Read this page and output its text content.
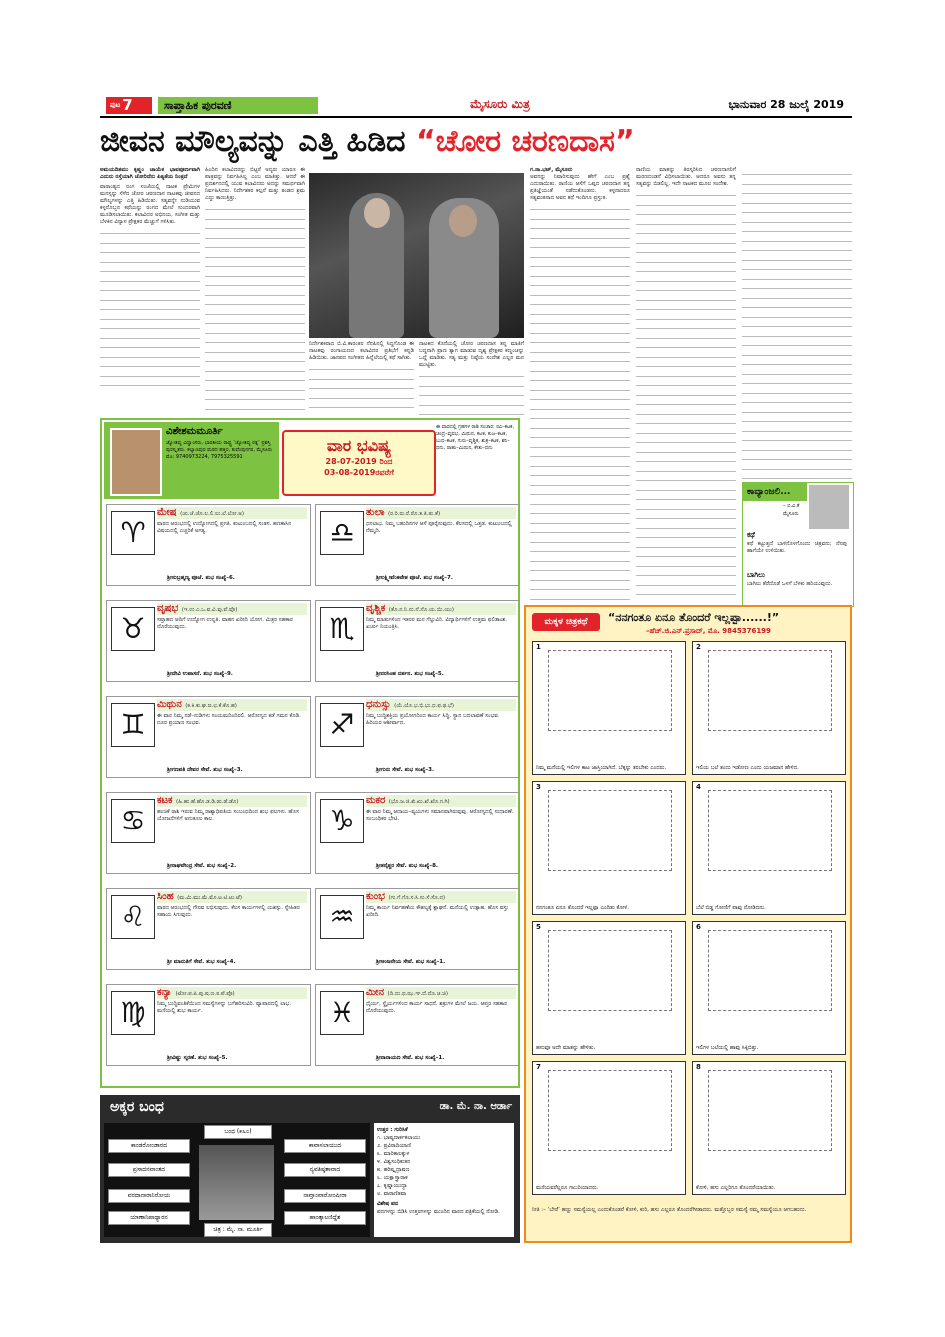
$^{ಪುಟ}$ 7	ಸಾಪ್ತಾಹಿಕ ಪುರವಣಿ	ಮೈಸೂರು ಮಿತ್ರ	ಭಾನುವಾರ 28 ಜುಲೈ 2019
ಜೀವನ ಮೌಲ್ಯವನ್ನು ಎತ್ತಿ ಹಿಡಿದ “ಚೋರ ಚರಣದಾಸ”
ಅಮಯದಿತಮು ಕೃಷ್ಣಂ ಚಾಯೆಕ ಭಾವಪೂರ್ಣವಾಗಿ ಎದುರು ರಸ್ತೆಯಾಗಿ ಚೋರಿದೆನು ಪಿತ್ಯತೆಯ ನಿಂತ್ರದೆ
ವಾರಾಂತ್ಯದ ರಂಗ ಸಂಜೆಯಲ್ಲಿ ನಾಟಕ ಪ್ರೇಮಿಗಳ ಮನಸ್ಸನ್ನು ಸೆಳೆದ ಚೋರ ಚರಣದಾಸ ನಾಟಕವು ಜೀವನದ ಮೌಲ್ಯಗಳನ್ನು ಎತ್ತಿ ಹಿಡಿಯಿತು. ಸತ್ಯವನ್ನೇ ನುಡಿಯುವ ಕಳ್ಳನೊಬ್ಬನ ಕಥೆಯನ್ನು ರಂಗದ ಮೇಲೆ ಸುಂದರವಾಗಿ ಮೂಡಿಸಲಾಯಿತು. ಕಲಾವಿದರ ಅಭಿನಯ, ಸಂಗೀತ ಮತ್ತು ಬೆಳಕಿನ ವಿನ್ಯಾಸ ಪ್ರೇಕ್ಷಕರ ಮೆಚ್ಚುಗೆ ಗಳಿಸಿತು.
ಹಿಂದಿನ ಕಲಾವಿದರನ್ನು ಬಿಟ್ಟರೆ ಅನ್ಯರು ಯಾರೂ ಈ ಪಾತ್ರವನ್ನು ನಿರ್ವಹಿಸಿಲ್ಲ ಎಂಬ ಮಾತಿತ್ತು. ಆದರೆ ಈ ಪ್ರದರ್ಶನದಲ್ಲಿ ಯುವ ಕಲಾವಿದರು ಅದನ್ನು ಸಮರ್ಥವಾಗಿ ನಿರ್ವಹಿಸಿದರು. ನಿರ್ದೇಶಕರ ಕಲ್ಪನೆ ಮತ್ತು ತಂಡದ ಶ್ರಮ ಎದ್ದು ಕಾಣುತ್ತಿತ್ತು.
ನಿರ್ದೇಶಕರಾದ ಬಿ.ವಿ.ಕಾರಂತರ ನೆನಪಿನಲ್ಲಿ ಸಿದ್ಧಗೊಂಡ ಈ ನಾಟಕವು ರಂಗಾಯಣದ ಕಲಾವಿದರ ಪ್ರತಿಭೆಗೆ ಕನ್ನಡಿ ಹಿಡಿಯಿತು. ಜಾನಪದ ಸಂಗೀತದ ಹಿನ್ನೆಲೆಯಲ್ಲಿ ಕಥೆ ಸಾಗಿತು.
ನಾಟಕದ ಕೊನೆಯಲ್ಲಿ ಚೋರ ಚರಣದಾಸ ತನ್ನ ಮಾತಿಗೆ ಬದ್ಧನಾಗಿ ಪ್ರಾಣ ತ್ಯಾಗ ಮಾಡುವ ದೃಶ್ಯ ಪ್ರೇಕ್ಷಕರ ಕಣ್ಣಂಚನ್ನು ಒದ್ದೆ ಮಾಡಿತು. ಸತ್ಯ ಮತ್ತು ನಿಷ್ಠೆಯ ಸಂದೇಶ ಎಲ್ಲರ ಮನ ಮುಟ್ಟಿತು.
ಗ.ನಾ.ಭಟ್, ಮೈಸೂರು
ಅವನನ್ನು ನಿವಾರಿಸುವುದು ಹೇಗೆ ಎಂಬ ಪ್ರಶ್ನೆ ಎದುರಾಯಿತು. ರಾಣಿಯ ಆಸೆಗೆ ಒಪ್ಪದ ಚರಣದಾಸ ತನ್ನ ಪ್ರತಿಜ್ಞೆಯಂತೆ ನಡೆದುಕೊಂಡನು. ಕಳ್ಳನಾದರೂ ಸತ್ಯವಂತನಾದ ಅವನ ಕಥೆ ಇಂದಿಗೂ ಪ್ರಸ್ತುತ.
ರಾಣಿಯ ಮಾತನ್ನು ತಿರಸ್ಕರಿಸಿದ ಚರಣದಾಸನಿಗೆ ಮರಣದಂಡನೆ ವಿಧಿಸಲಾಯಿತು. ಆದರೂ ಅವನು ತನ್ನ ಸತ್ಯವನ್ನು ಬಿಡಲಿಲ್ಲ. ಇದೇ ನಾಟಕದ ಮೂಲ ಸಂದೇಶ.
ಕಾವ್ಯಾಂಜಲಿ...
– ಬಿ.ವಿ.ಕೆ
ಮೈಸೂರು
ಕಥೆ
ಕಥೆ ಕಟ್ಟುತ್ತದೆ ಬಾಳಿನೊಳಗೊಂದು ಚಿತ್ರವನು; ನೆನಪು ಹಾಗೆಯೇ ಉಳಿಯಿತು.
ಬಾಗಿಲು
ಬಾಗಿಲು ತೆರೆದೊಡೆ ಒಳಗೆ ಬೆಳಕು ಹರಿಯುವುದು.
ವಿಶೇಶಮಮೂರ್ತಿ
ಜ್ಯೋತಿಷ್ಯ ವಿದ್ವಾಂಸರು, ಭಾರತೀಯ ರಾಷ್ಟ್ರ ‘ಜ್ಯೋತಿಷ್ಯ ರತ್ನ’ ಪ್ರಶಸ್ತಿ ಪುರಸ್ಕೃತರು. ಕಲ್ಯಾಣಪುರ ಮಠದ ಹತ್ತಿರ, ಕುವೆಂಪುನಗರ, ಮೈಸೂರು ಮೊ: 9740973224, 7975325591
ವಾರ ಭವಿಷ್ಯ
28-07-2019 ರಿಂದ
03-08-2019ರವರೆಗೆ
ಈ ವಾರದಲ್ಲಿ ಗ್ರಹಗಳ ರಾಶಿ ಸಂಚಾರ: ರವಿ–ಕಟಕ, ಚಂದ್ರ–ವೃಷಭ, ಮಿಥುನ, ಕಟಕ, ಕುಜ–ಕಟಕ, ಬುಧ–ಕಟಕ, ಗುರು–ವೃಶ್ಚಿಕ, ಶುಕ್ರ–ಕಟಕ, ಶನಿ–ಧನು, ರಾಹು–ಮಿಥುನ, ಕೇತು–ಧನು
♈
ಮೇಷ (ಚು.ಚೆ.ಚೊ.ಲ.ಲಿ.ಲು.ಲೆ.ಲೋ.ಅ)
ವಾರದ ಆರಂಭದಲ್ಲಿ ಉದ್ಯೋಗದಲ್ಲಿ ಪ್ರಗತಿ. ಕುಟುಂಬದಲ್ಲಿ ಸಂತಸ. ಹಣಕಾಸಿನ ವಿಷಯದಲ್ಲಿ ಎಚ್ಚರಿಕೆ ಅಗತ್ಯ.
ಶ್ರೀಸುಬ್ರಹ್ಮಣ್ಯ ಪೂಜೆ. ಶುಭ ಸಂಖ್ಯೆ–6.
♉
ವೃಷಭ (ಇ.ಉ.ಎ.ಒ.ವ.ವಿ.ವು.ವೆ.ವೊ)
ಸಪ್ತಾಹದ ಆದಿಗೆ ಉದ್ಯೋಗ ಉನ್ನತಿ. ವಾಹನ ಖರೀದಿ ಯೋಗ. ಮಿತ್ರರ ಸಹಕಾರ ದೊರೆಯುವುದು.
ಶ್ರೀದೇವಿ ಉಪಾಸನೆ. ಶುಭ ಸಂಖ್ಯೆ–9.
♊
ಮಿಥುನ (ಕ.ಕಿ.ಕು.ಘ.ಙ.ಛ.ಕೆ.ಕೊ.ಹ)
ಈ ವಾರ ನಿಮ್ಮ ನಡೆ–ನುಡಿಗಳು ಸಂಯಮದಿಂದಿರಲಿ. ಆರೋಗ್ಯದ ಕಡೆ ಗಮನ ಕೊಡಿ. ದೂರ ಪ್ರಯಾಣ ಸಂಭವ.
ಶ್ರೀಗಣಪತಿ ದೇವರ ಸೇವೆ. ಶುಭ ಸಂಖ್ಯೆ–3.
♋
ಕಟಕ (ಹಿ.ಹು.ಹೆ.ಹೊ.ಡ.ಡಿ.ಡು.ಡೆ.ಡೊ)
ಹಂಚಿಕೆ ರಾಶಿ ಇರುವ ನಿಮ್ಮ ರಾಶ್ಯಾಧಿಪತಿಯ ಸಂಬಂಧದಿಂದ ಶುಭ ಫಲಗಳು. ಹೊಸ ಯೋಜನೆಗಳಿಗೆ ಅನುಕೂಲ ಕಾಲ.
ಶ್ರೀರಾಘವೇಂದ್ರ ಸೇವೆ. ಶುಭ ಸಂಖ್ಯೆ–2.
♌
ಸಿಂಹ (ಮ.ಮಿ.ಮು.ಮೆ.ಮೊ.ಟ.ಟಿ.ಟು.ಟೆ)
ವಾರದ ಆರಂಭದಲ್ಲಿ ಗೌರವ ಲಭಿಸುವುದು. ಕೆಲಸ ಕಾರ್ಯಗಳಲ್ಲಿ ಯಶಸ್ಸು. ಸ್ನೇಹಿತರ ಸಹಾಯ ಸಿಗುವುದು.
ಶ್ರೀ ಮಾರುತಿಗೆ ಸೇವೆ. ಶುಭ ಸಂಖ್ಯೆ–4.
♍
ಕನ್ಯಾ (ಟೋ.ಪ.ಪಿ.ಪು.ಷ.ಣ.ಠ.ಪೆ.ಪೊ)
ನಿಮ್ಮ ಬುದ್ಧಿವಂತಿಕೆಯಿಂದ ಸಮಸ್ಯೆಗಳನ್ನು ಬಗೆಹರಿಸುವಿರಿ. ವ್ಯಾಪಾರದಲ್ಲಿ ಲಾಭ. ಮನೆಯಲ್ಲಿ ಶುಭ ಕಾರ್ಯ.
ಶ್ರೀವಿಷ್ಣು ಸ್ಮರಣೆ. ಶುಭ ಸಂಖ್ಯೆ–5.
♎
ತುಲಾ (ರ.ರಿ.ರು.ರೆ.ರೊ.ತ.ತಿ.ತು.ತೆ)
ಧನಲಾಭ. ನಿಮ್ಮ ಬಹುದಿನಗಳ ಆಸೆ ಪೂರೈಸುವುದು. ಕೆಲಸದಲ್ಲಿ ಒತ್ತಡ. ಕುಟುಂಬದಲ್ಲಿ ನೆಮ್ಮದಿ.
ಶ್ರೀಲಕ್ಷ್ಮೀವೆಂಕಟೇಶ ಪೂಜೆ. ಶುಭ ಸಂಖ್ಯೆ–7.
♏
ವೃಶ್ಚಿಕ (ತೊ.ನ.ನಿ.ನು.ನೆ.ನೊ.ಯ.ಯಿ.ಯು)
ನಿಮ್ಮ ಮಾತುಗಳಿಂದ ಇತರರ ಮನ ಗೆಲ್ಲುವಿರಿ. ವಿದ್ಯಾರ್ಥಿಗಳಿಗೆ ಉತ್ತಮ ಫಲಿತಾಂಶ. ಖರ್ಚು ನಿಯಂತ್ರಿಸಿ.
ಶ್ರೀನರಸಿಂಹ ದರ್ಶನ. ಶುಭ ಸಂಖ್ಯೆ–5.
♐
ಧನುಸ್ಸು (ಯೆ.ಯೊ.ಭ.ಭಿ.ಭು.ಧ.ಫ.ಢ.ಭೆ)
ನಿಮ್ಮ ಬುದ್ಧಿಶಕ್ತಿಯ ಪ್ರಯೋಗದಿಂದ ಕಾರ್ಯ ಸಿದ್ಧಿ. ಸ್ಥಾನ ಬದಲಾವಣೆ ಸಂಭವ. ಹಿರಿಯರ ಆಶೀರ್ವಾದ.
ಶ್ರೀಗುರು ಸೇವೆ. ಶುಭ ಸಂಖ್ಯೆ–3.
♑
ಮಕರ (ಭೊ.ಜ.ಜಿ.ಖಿ.ಖು.ಖೆ.ಖೊ.ಗ.ಗಿ)
ಈ ವಾರ ನಿಮ್ಮ ಆದಾಯ–ವ್ಯಯಗಳು ಸಮಾನವಾಗಿರುವುವು. ಆರೋಗ್ಯದಲ್ಲಿ ಸುಧಾರಣೆ. ಸಂಬಂಧಿಕರ ಭೇಟಿ.
ಶ್ರೀಶನೈಶ್ಚರ ಸೇವೆ. ಶುಭ ಸಂಖ್ಯೆ–8.
♒
ಕುಂಭ (ಗು.ಗೆ.ಗೊ.ಸ.ಸಿ.ಸು.ಸೆ.ಸೊ.ದ)
ನಿಮ್ಮ ಕಾರ್ಯ ನಿರ್ವಹಣೆಯ ಕೌಶಲ್ಯಕ್ಕೆ ಶ್ಲಾಘನೆ. ಮನೆಯಲ್ಲಿ ಉತ್ಸಾಹ. ಹೊಸ ವಸ್ತು ಖರೀದಿ.
ಶ್ರೀಆಂಜನೇಯ ಸೇವೆ. ಶುಭ ಸಂಖ್ಯೆ–1.
♓
ಮೀನ (ದಿ.ದು.ಥ.ಝ.ಞ.ದೆ.ದೊ.ಚ.ಚಿ)
ಧೈರ್ಯ, ಸ್ಥೈರ್ಯಗಳಿಂದ ಕಾರ್ಯ ಸಾಧನೆ. ಶತ್ರುಗಳ ಮೇಲೆ ಜಯ. ಆಪ್ತರ ಸಹಕಾರ ದೊರೆಯುವುದು.
ಶ್ರೀನಾರಾಯಣ ಸೇವೆ. ಶುಭ ಸಂಖ್ಯೆ–1.
ಅಕ್ಕರ ಬಂಧ	ಡಾ. ಮೆ. ನಾ. ಆರ್ಡಾ
ಬಂಧ (೫೬೦)
ಕಾಂಡರೋಂಡಾರದ
ಪ್ರಸಾದನವಾಂತದ
ವರದಾನಾರಾನಿರೋಯ
ಯಾಣಾನಿಪಾಥ್ಯಾರನ
ಕಾವಾಸಲಾಯುದ
ನ್ಯವತಿಷ್ಠತಾವಾದ
ನಾವ್ತಾಂವಾರೋಂಷೀರಾ
ಹಾಂತ್ಕಾಲಣಿದ್ದೆಶ
ಚಿತ್ರ : ಮೈ. ನಾ. ಮೂರ್ತಿ
ಉತ್ತರ : ಗುರಿಸಿಕೆ
೧. ಭಾಷ್ಯದಾರ್ಕಕಲಾಯು
೨. ಪ್ರವಿರಾದಿಯಾಣಿ
೩. ಮಾರಿಕಾಲಕ್ಕುಳ
೪. ವಿಶ್ವಸಂಧಿಕುತನ
೫. ಹರಿಷ್ಕೃದ್ರಾಷಣ
೬. ಯಕ್ಷಾಸ್ತ್ರಾರಾಕ
೭. ಕೃಷ್ಣಾಯುದ್ಧಾ
೮. ವಾರಾಣಿತವಾ
ವಿಶೇಷ ಪದ
ಪದಗಳನ್ನು ಬಿಡಿಸಿ ಉತ್ತರಗಳನ್ನು ಮುಂದಿನ ವಾರದ ಪತ್ರಿಕೆಯಲ್ಲಿ ನೋಡಿ.
ಮಕ್ಕಳ ಚಿತ್ರಕಥೆ	“ನನಗಂತೂ ಏನೂ ತೊಂದರೆ ಇಲ್ಲಪ್ಪಾ......!”
–ಹೆಚ್.ಜಿ.ಎನ್.ಪ್ರಸಾದ್, ಮೊ. 9845376199
1
ನಿಮ್ಮ ಮನೆಯಲ್ಲಿ ಇಲಿಗಳ ಕಾಟ ಜಾಸ್ತಿಯಾಗಿದೆ. ಬೆಕ್ಕನ್ನು ತರಬೇಕು ಎಂದರು.
2
ಇಲಿಯ ಬಲೆ ತಂದು ಇಡೋಣ ಎಂದು ಯಜಮಾನ ಹೇಳಿದ.
3
ನನಗಂತೂ ಏನೂ ತೊಂದರೆ ಇಲ್ಲಪ್ಪಾ ಎಂದಿತು ಕೋಳಿ.
4
ಬೆಲೆ ಬಿಡ್ಡ ಗೋಣಿಗೆ ಪಾವು ನೋಡಿದನು.
5
ಹಸುವೂ ಅದೇ ಮಾತನ್ನು ಹೇಳಿತು.
6
ಇಲಿಗಳ ಬಲೆಯಲ್ಲಿ ಹಾವು ಸಿಕ್ಕಿಬಿತ್ತು.
7
ಮನೆಯವರೆಲ್ಲರೂ ಗಾಬರಿಯಾದರು.
8
ಕೋಳಿ, ಹಸು ಎಲ್ಲರಿಗೂ ತೊಂದರೆಯಾಯಿತು.
ನೀತಿ :– ‘ಬೇರೆ’ ಹಣ್ಣು ಸಮಸ್ಯೆಯಲ್ಲ ಎಂದುಕೊಂಡರೆ ಕೋಳಿ, ಕುರಿ, ಹಸು ಎಲ್ಲರೂ ತೊಂದರೆಗೀಡಾದರು. ಮತ್ತೊಬ್ಬರ ಸಮಸ್ಯೆ ನಮ್ಮ ಸಮಸ್ಯೆಯೂ ಆಗಬಹುದು.
